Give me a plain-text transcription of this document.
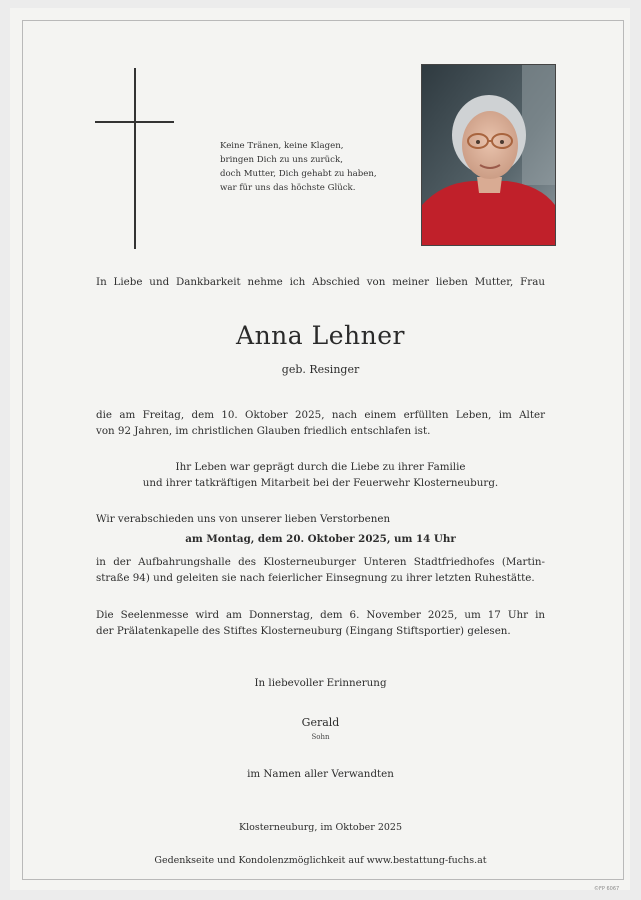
Keine Tränen, keine Klagen,
bringen Dich zu uns zurück,
doch Mutter, Dich gehabt zu haben,
war für uns das höchste Glück.
In Liebe und Dankbarkeit nehme ich Abschied von meiner lieben Mutter, Frau
Anna Lehner
geb. Resinger
die am Freitag, dem 10. Oktober 2025, nach einem erfüllten Leben, im Alter
von 92 Jahren, im christlichen Glauben friedlich entschlafen ist.
Ihr Leben war geprägt durch die Liebe zu ihrer Familie
und ihrer tatkräftigen Mitarbeit bei der Feuerwehr Klosterneuburg.
Wir verabschieden uns von unserer lieben Verstorbenen
am Montag, dem 20. Oktober 2025, um 14 Uhr
in der Aufbahrungshalle des Klosterneuburger Unteren Stadtfriedhofes (Martin-
straße 94) und geleiten sie nach feierlicher Einsegnung zu ihrer letzten Ruhestätte.
Die Seelenmesse wird am Donnerstag, dem 6. November 2025, um 17 Uhr in
der Prälatenkapelle des Stiftes Klosterneuburg (Eingang Stiftsportier) gelesen.
In liebevoller Erinnerung
Gerald
Sohn
im Namen aller Verwandten
Klosterneuburg, im Oktober 2025
Gedenkseite und Kondolenzmöglichkeit auf www.bestattung-fuchs.at
©FP 6067
